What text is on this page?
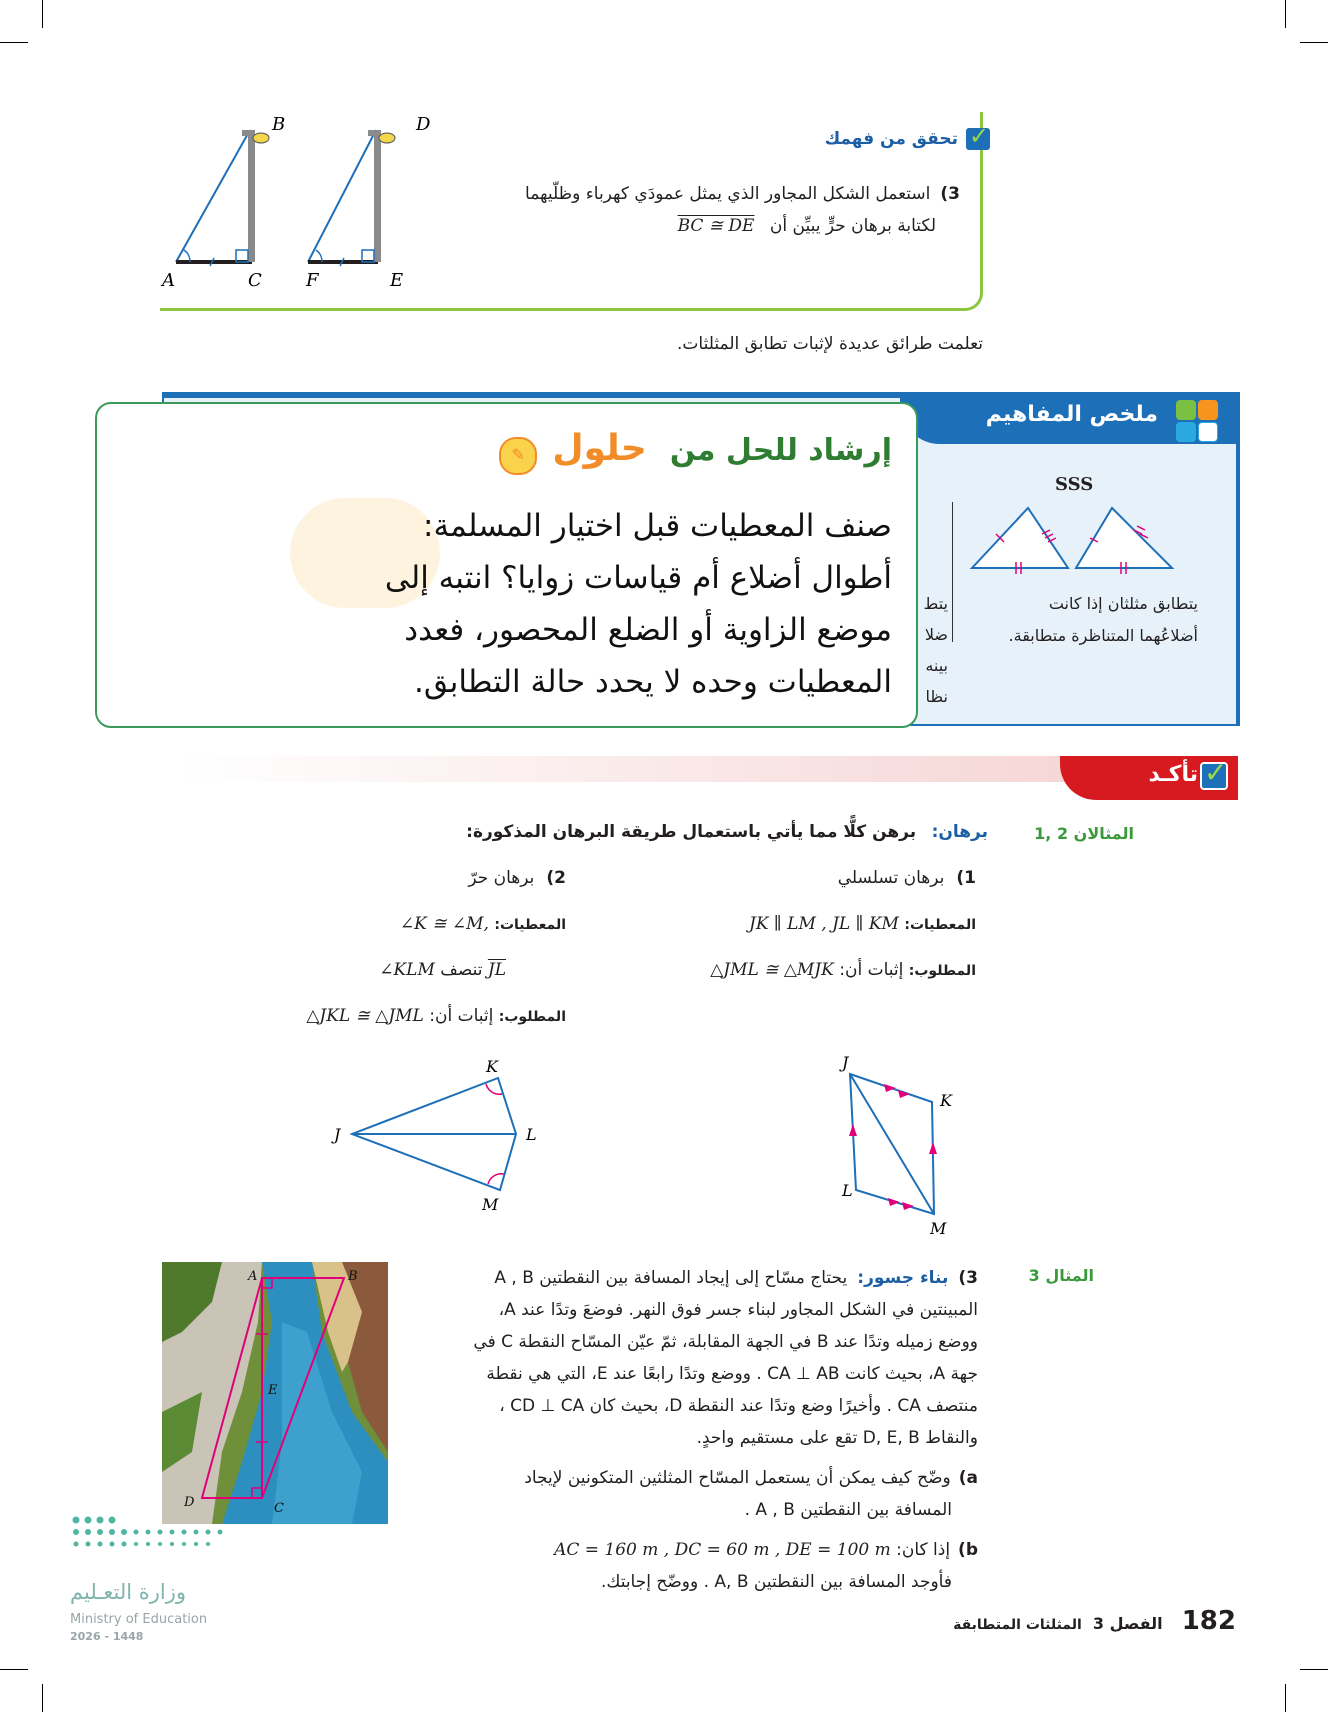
✓
تحقق من فهمك
3)استعمل الشكل المجاور الذي يمثل عمودَي كهرباء وظلّيهما
لكتابة برهان حرٍّ يبيِّن أن BC ≅ DE
B
A	C
D
F	E
تعلمت طرائق عديدة لإثبات تطابق المثلثات.
ملخص المفاهيم
SSS
يتطابق مثلثان إذا كانت
أضلاعُهما المتناظرة متطابقة.
يتط
ضلا
بينه
نظا
إرشاد للحل من حلول ✎
صنف المعطيات قبل اختيار المسلمة:
أطوال أضلاع أم قياسات زوايا؟ انتبه إلى
موضع الزاوية أو الضلع المحصور، فعدد
المعطيات وحده لا يحدد حالة التطابق.
تأكـد ✓
المثالان 2 ,1
برهان: برهن كلًّا مما يأتي باستعمال طريقة البرهان المذكورة:
1)برهان تسلسلي
المعطيات: JK ∥ LM , JL ∥ KM
المطلوب: إثبات أن: △JML ≅ △MJK
2)برهان حرّ
المعطيات: ∠K ≅ ∠M,
$\overline{JL}$ تنصف ∠KLM
المطلوب: إثبات أن: △JKL ≅ △JML
J
K
L
M
J
K
L
M
المثال 3
3)بناء جسور:يحتاج مسّاح إلى إيجاد المسافة بين النقطتين A , B
المبينتين في الشكل المجاور لبناء جسر فوق النهر. فوضعَ وتدًا عند A،
ووضع زميله وتدًا عند B في الجهة المقابلة، ثمّ عيّن المسّاح النقطة C في
جهة A، بحيث كانت CA ⊥ AB . ووضع وتدًا رابعًا عند E، التي هي نقطة
منتصف CA . وأخيرًا وضع وتدًا عند النقطة D، بحيث كان CD ⊥ CA ،
والنقاط D, E, B تقع على مستقيم واحدٍ.
a)وضّح كيف يمكن أن يستعمل المسّاح المثلثين المتكونين لإيجاد
المسافة بين النقطتين A , B .
b)إذا كان: AC = 160 m , DC = 60 m , DE = 100 m
فأوجد المسافة بين النقطتين A, B . ووضّح إجابتك.
A	B
E
D	C
وزارة التعـليم
Ministry of Education
2026 - 1448
182 الفصل 3 المثلثات المتطابقة
